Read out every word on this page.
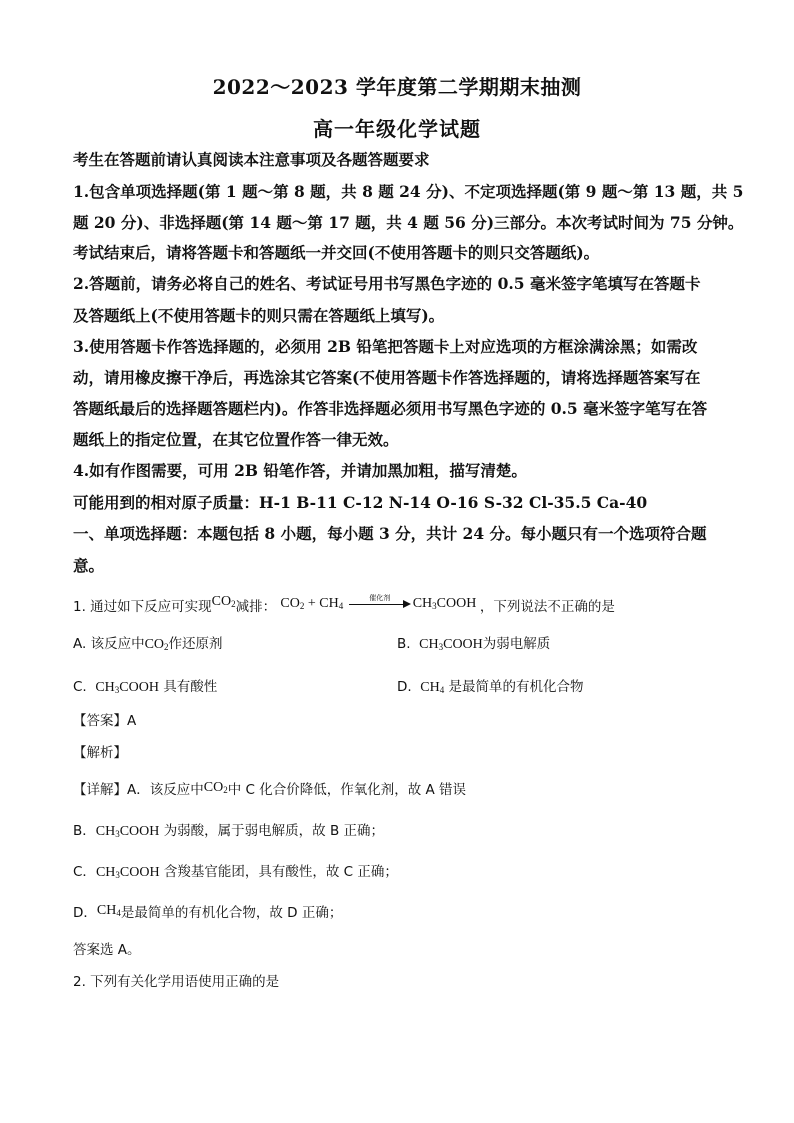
2022～2023 学年度第二学期期末抽测
高一年级化学试题
考生在答题前请认真阅读本注意事项及各题答题要求
1.包含单项选择题(第 1 题～第 8 题，共 8 题 24 分)、不定项选择题(第 9 题～第 13 题，共 5
题 20 分)、非选择题(第 14 题～第 17 题，共 4 题 56 分)三部分。本次考试时间为 75 分钟。
考试结束后，请将答题卡和答题纸一并交回(不使用答题卡的则只交答题纸)。
2.答题前，请务必将自己的姓名、考试证号用书写黑色字迹的 0.5 毫米签字笔填写在答题卡
及答题纸上(不使用答题卡的则只需在答题纸上填写)。
3.使用答题卡作答选择题的，必须用 2B 铅笔把答题卡上对应选项的方框涂满涂黑；如需改
动，请用橡皮擦干净后，再选涂其它答案(不使用答题卡作答选择题的，请将选择题答案写在
答题纸最后的选择题答题栏内)。作答非选择题必须用书写黑色字迹的 0.5 毫米签字笔写在答
题纸上的指定位置，在其它位置作答一律无效。
4.如有作图需要，可用 2B 铅笔作答，并请加黑加粗，描写清楚。
可能用到的相对原子质量：H-1 B-11 C-12 N-14 O-16 S-32 Cl-35.5 Ca-40
一、单项选择题：本题包括 8 小题，每小题 3 分，共计 24 分。每小题只有一个选项符合题
意。
1. 通过如下反应可实现$CO_2$减排： $CO_2 + CH_4$
催化剂	$CH_3COOH$ ，下列说法不正确的是
A. 该反应中$CO_2$作还原剂	B. $CH_3COOH$为弱电解质
C. $CH_3COOH$ 具有酸性	D. $CH_4$ 是最简单的有机化合物
【答案】A
【解析】
【详解】A．该反应中$CO_2$中 C 化合价降低，作氧化剂，故 A 错误
B．$CH_3COOH$ 为弱酸，属于弱电解质，故 B 正确；
C．$CH_3COOH$ 含羧基官能团，具有酸性，故 C 正确；
D．$CH_4$是最简单的有机化合物，故 D 正确；
答案选 A。
2. 下列有关化学用语使用正确的是
